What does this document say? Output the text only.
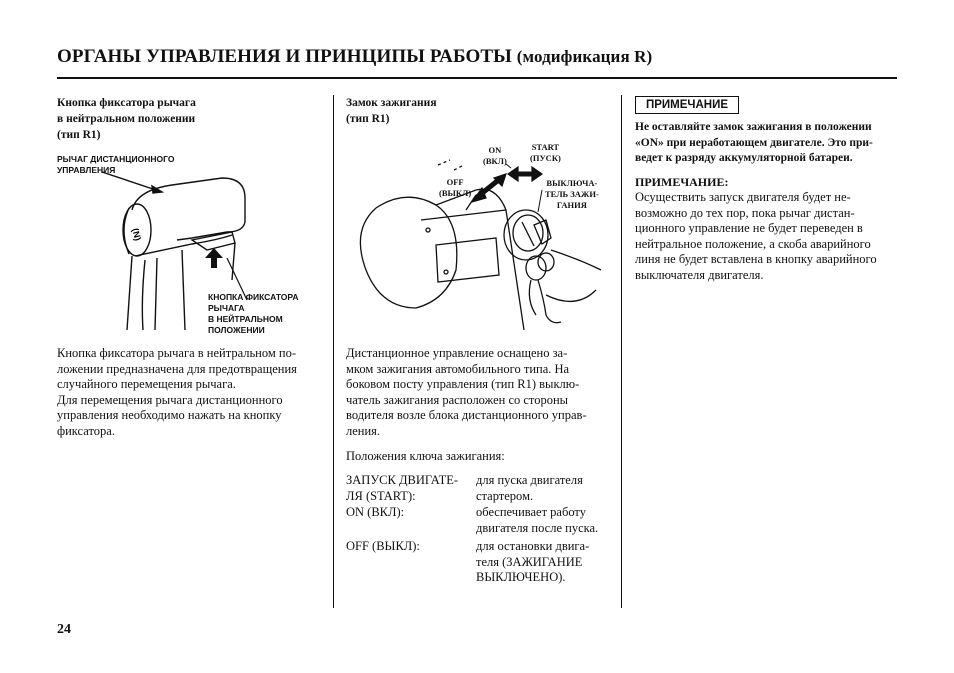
ОРГАНЫ УПРАВЛЕНИЯ И ПРИНЦИПЫ РАБОТЫ (модификация R)
Кнопка фиксатора рычага
в нейтральном положении
(тип R1)
РЫЧАГ ДИСТАНЦИОННОГО
УПРАВЛЕНИЯ
(N)
КНОПКА ФИКСАТОРА
РЫЧАГА
В НЕЙТРАЛЬНОМ
ПОЛОЖЕНИИ
Кнопка фиксатора рычага в нейтральном по-
ложении предназначена для предотвращения
случайного перемещения рычага.
Для перемещения рычага дистанционного
управления необходимо нажать на кнопку
фиксатора.
Замок зажигания
(тип R1)
ON
(ВКЛ)
START
(ПУСК)
OFF
(ВЫКЛ)
ВЫКЛЮЧА-
ТЕЛЬ ЗАЖИ-
ГАНИЯ
Дистанционное управление оснащено за-
мком зажигания автомобильного типа. На
боковом посту управления (тип R1) выклю-
чатель зажигания расположен со стороны
водителя возле блока дистанционного управ-
ления.
Положения ключа зажигания:
ЗАПУСК ДВИГАТЕ-
ЛЯ (START):
для пуска двигателя
стартером.
ON (ВКЛ):	обеспечивает работу
двигателя после пуска.
OFF (ВЫКЛ):	для остановки двига-
теля (ЗАЖИГАНИЕ
ВЫКЛЮЧЕНО).
ПРИМЕЧАНИЕ
Не оставляйте замок зажигания в положении
«ON» при неработающем двигателе. Это при-
ведет к разряду аккумуляторной батареи.
ПРИМЕЧАНИЕ:
Осуществить запуск двигателя будет не-
возможно до тех пор, пока рычаг дистан-
ционного управление не будет переведен в
нейтральное положение, а скоба аварийного
линя не будет вставлена в кнопку аварийного
выключателя двигателя.
24
